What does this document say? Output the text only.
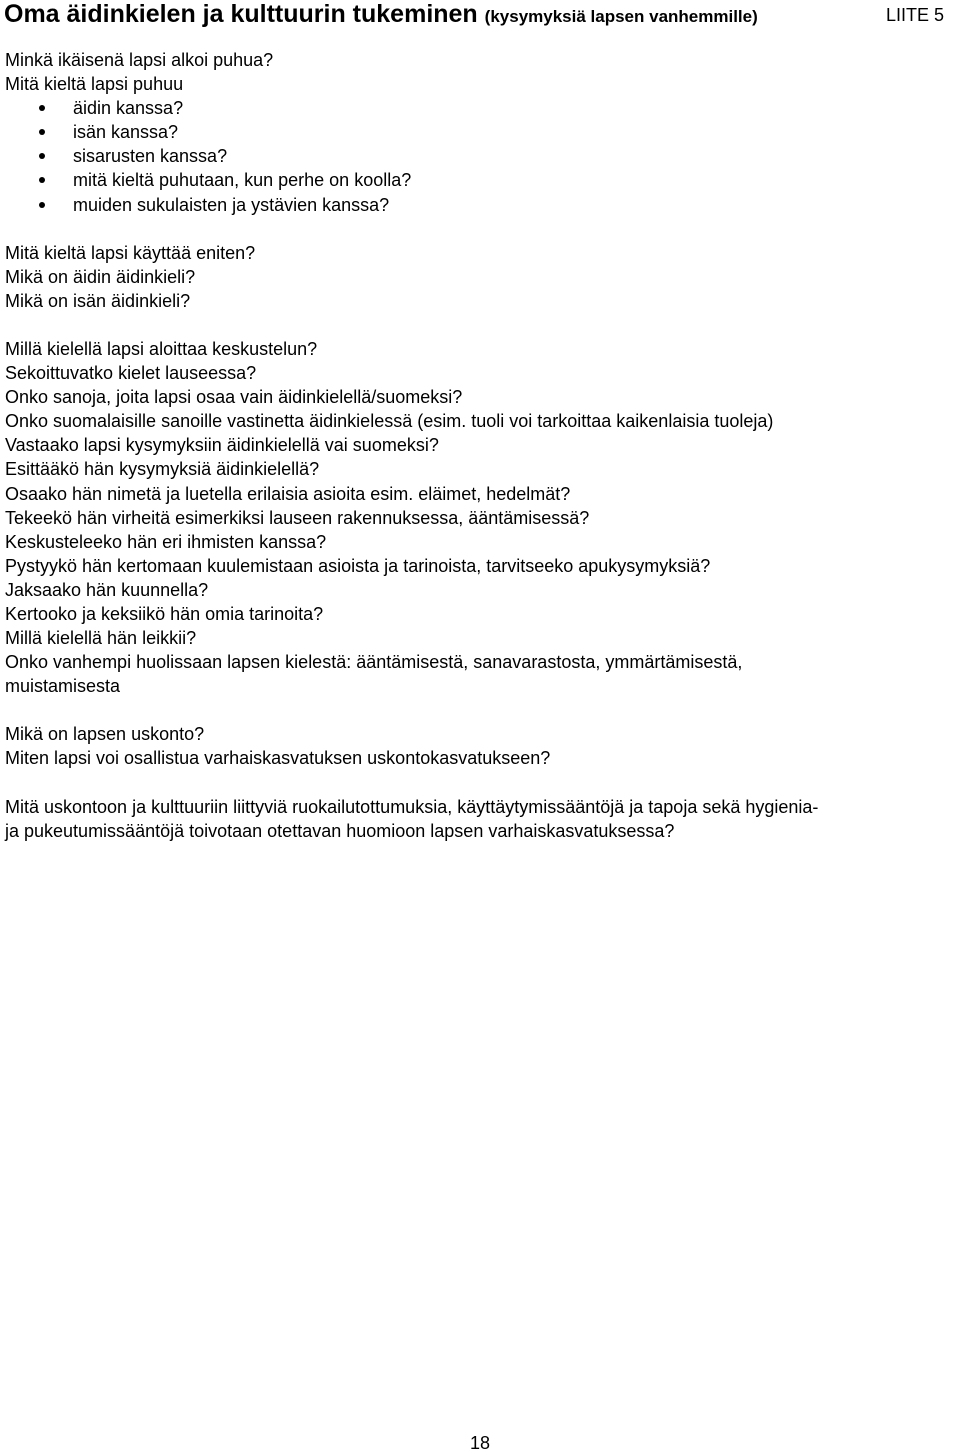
Oma äidinkielen ja kulttuurin tukeminen (kysymyksiä lapsen vanhemmille)	LIITE 5

Minkä ikäisenä lapsi alkoi puhua?

Mitä kieltä lapsi puhuu

äidin kanssa?
isän kanssa?
sisarusten kanssa?
mitä kieltä puhutaan, kun perhe on koolla?
muiden sukulaisten ja ystävien kanssa?

Mitä kieltä lapsi käyttää eniten?

Mikä on äidin äidinkieli?

Mikä on isän äidinkieli?

Millä kielellä lapsi aloittaa keskustelun?

Sekoittuvatko kielet lauseessa?

Onko sanoja, joita lapsi osaa vain äidinkielellä/suomeksi?

Onko suomalaisille sanoille vastinetta äidinkielessä (esim. tuoli voi tarkoittaa kaikenlaisia tuoleja)

Vastaako lapsi kysymyksiin äidinkielellä vai suomeksi?

Esittääkö hän kysymyksiä äidinkielellä?

Osaako hän nimetä ja luetella erilaisia asioita esim. eläimet, hedelmät?

Tekeekö hän virheitä esimerkiksi lauseen rakennuksessa, ääntämisessä?

Keskusteleeko hän eri ihmisten kanssa?

Pystyykö hän kertomaan kuulemistaan asioista ja tarinoista, tarvitseeko apukysymyksiä?

Jaksaako hän kuunnella?

Kertooko ja keksiikö hän omia tarinoita?

Millä kielellä hän leikkii?

Onko vanhempi huolissaan lapsen kielestä: ääntämisestä, sanavarastosta, ymmärtämisestä,

muistamisesta

Mikä on lapsen uskonto?

Miten lapsi voi osallistua varhaiskasvatuksen uskontokasvatukseen?

Mitä uskontoon ja kulttuuriin liittyviä ruokailutottumuksia, käyttäytymissääntöjä ja tapoja sekä hygienia-

ja pukeutumissääntöjä toivotaan otettavan huomioon lapsen varhaiskasvatuksessa?

18
